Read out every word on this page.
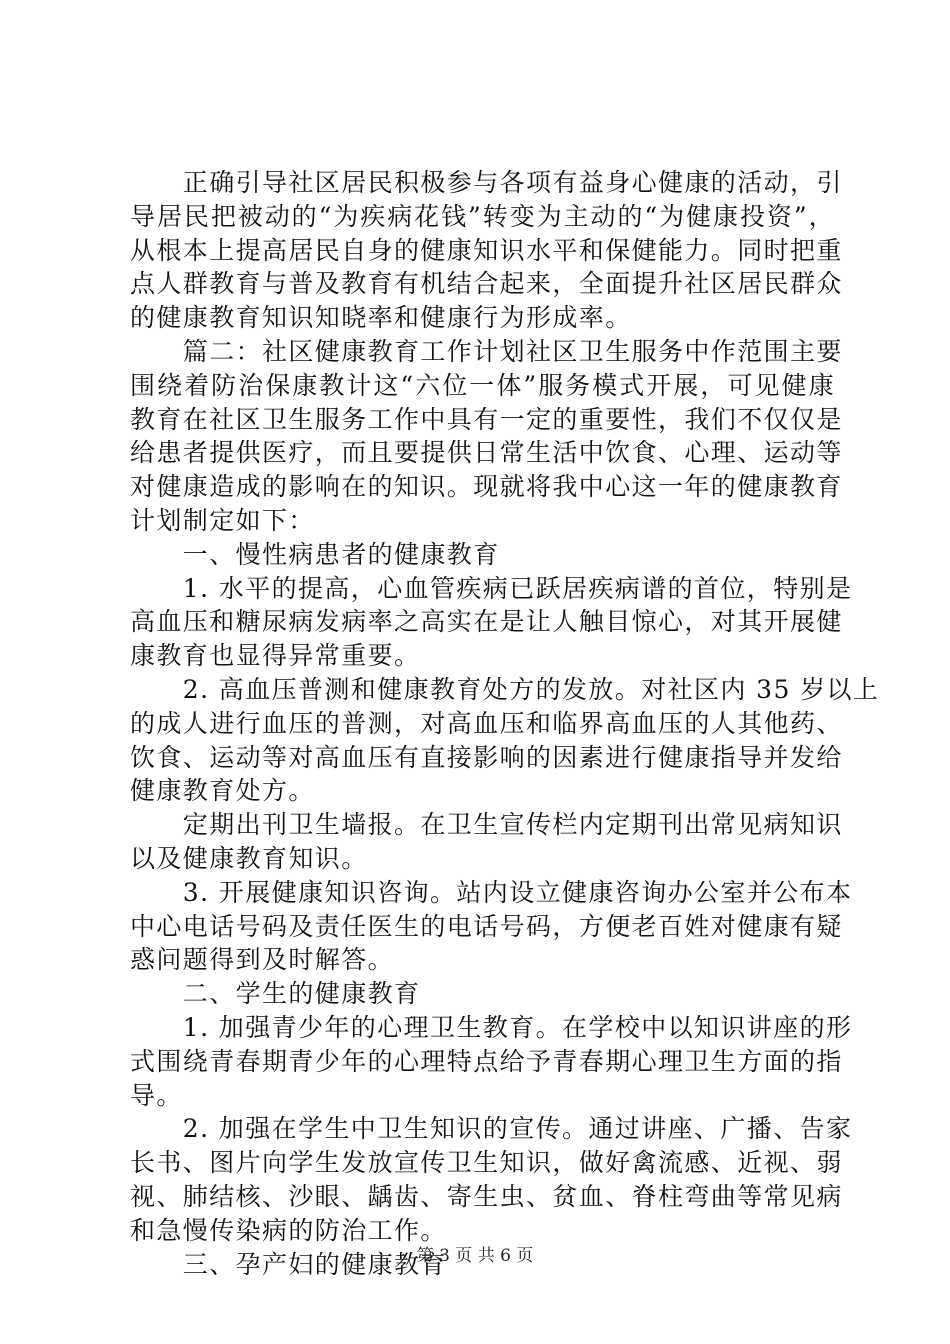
　　正确引导社区居民积极参与各项有益身心健康的活动，引
导居民把被动的“为疾病花钱”转变为主动的“为健康投资”，
从根本上提高居民自身的健康知识水平和保健能力。同时把重
点人群教育与普及教育有机结合起来，全面提升社区居民群众
的健康教育知识知晓率和健康行为形成率。
　　篇二：社区健康教育工作计划社区卫生服务中作范围主要
围绕着防治保康教计这“六位一体”服务模式开展，可见健康
教育在社区卫生服务工作中具有一定的重要性，我们不仅仅是
给患者提供医疗，而且要提供日常生活中饮食、心理、运动等
对健康造成的影响在的知识。现就将我中心这一年的健康教育
计划制定如下：
　　一、慢性病患者的健康教育
　　1. 水平的提高，心血管疾病已跃居疾病谱的首位，特别是
高血压和糖尿病发病率之高实在是让人触目惊心，对其开展健
康教育也显得异常重要。
　　2. 高血压普测和健康教育处方的发放。对社区内 35 岁以上
的成人进行血压的普测，对高血压和临界高血压的人其他药、
饮食、运动等对高血压有直接影响的因素进行健康指导并发给
健康教育处方。
　　定期出刊卫生墙报。在卫生宣传栏内定期刊出常见病知识
以及健康教育知识。
　　3. 开展健康知识咨询。站内设立健康咨询办公室并公布本
中心电话号码及责任医生的电话号码，方便老百姓对健康有疑
惑问题得到及时解答。
　　二、学生的健康教育
　　1. 加强青少年的心理卫生教育。在学校中以知识讲座的形
式围绕青春期青少年的心理特点给予青春期心理卫生方面的指
导。
　　2. 加强在学生中卫生知识的宣传。通过讲座、广播、告家
长书、图片向学生发放宣传卫生知识，做好禽流感、近视、弱
视、肺结核、沙眼、龋齿、寄生虫、贫血、脊柱弯曲等常见病
和急慢传染病的防治工作。
　　三、孕产妇的健康教育
第 3 页 共 6 页
